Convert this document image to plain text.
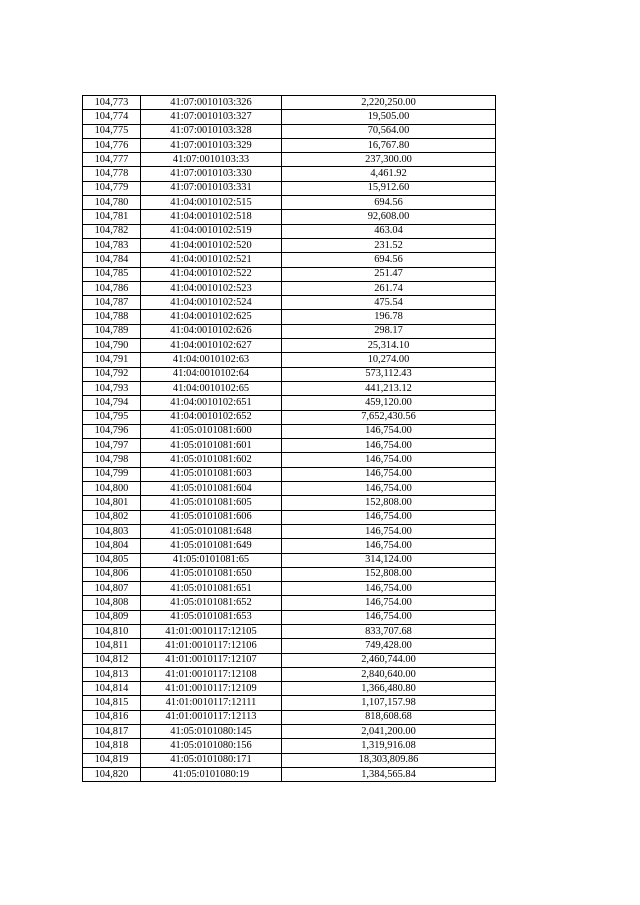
104,773	41:07:0010103:326	2,220,250.00
104,774	41:07:0010103:327	19,505.00
104,775	41:07:0010103:328	70,564.00
104,776	41:07:0010103:329	16,767.80
104,777	41:07:0010103:33	237,300.00
104,778	41:07:0010103:330	4,461.92
104,779	41:07:0010103:331	15,912.60
104,780	41:04:0010102:515	694.56
104,781	41:04:0010102:518	92,608.00
104,782	41:04:0010102:519	463.04
104,783	41:04:0010102:520	231.52
104,784	41:04:0010102:521	694.56
104,785	41:04:0010102:522	251.47
104,786	41:04:0010102:523	261.74
104,787	41:04:0010102:524	475.54
104,788	41:04:0010102:625	196.78
104,789	41:04:0010102:626	298.17
104,790	41:04:0010102:627	25,314.10
104,791	41:04:0010102:63	10,274.00
104,792	41:04:0010102:64	573,112.43
104,793	41:04:0010102:65	441,213.12
104,794	41:04:0010102:651	459,120.00
104,795	41:04:0010102:652	7,652,430.56
104,796	41:05:0101081:600	146,754.00
104,797	41:05:0101081:601	146,754.00
104,798	41:05:0101081:602	146,754.00
104,799	41:05:0101081:603	146,754.00
104,800	41:05:0101081:604	146,754.00
104,801	41:05:0101081:605	152,808.00
104,802	41:05:0101081:606	146,754.00
104,803	41:05:0101081:648	146,754.00
104,804	41:05:0101081:649	146,754.00
104,805	41:05:0101081:65	314,124.00
104,806	41:05:0101081:650	152,808.00
104,807	41:05:0101081:651	146,754.00
104,808	41:05:0101081:652	146,754.00
104,809	41:05:0101081:653	146,754.00
104,810	41:01:0010117:12105	833,707.68
104,811	41:01:0010117:12106	749,428.00
104,812	41:01:0010117:12107	2,460,744.00
104,813	41:01:0010117:12108	2,840,640.00
104,814	41:01:0010117:12109	1,366,480.80
104,815	41:01:0010117:12111	1,107,157.98
104,816	41:01:0010117:12113	818,608.68
104,817	41:05:0101080:145	2,041,200.00
104,818	41:05:0101080:156	1,319,916.08
104,819	41:05:0101080:171	18,303,809.86
104,820	41:05:0101080:19	1,384,565.84
